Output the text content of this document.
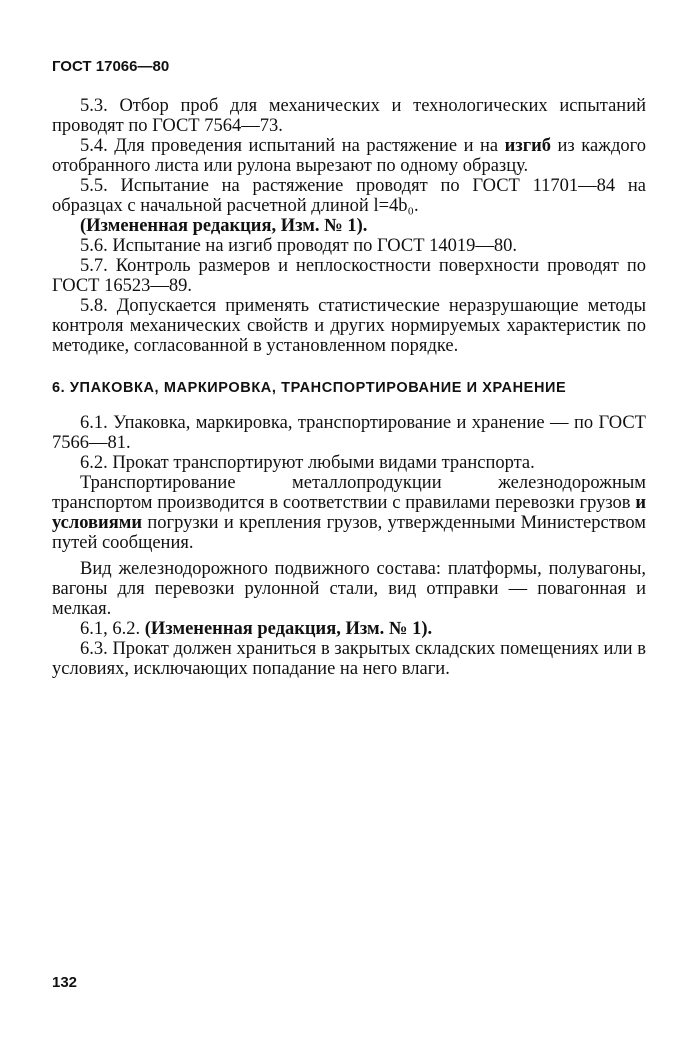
ГОСТ 17066—80

5.3. Отбор проб для механических и технологических испытаний проводят по ГОСТ 7564—73.

5.4. Для проведения испытаний на растяжение и на изгиб из каждого отобранного листа или рулона вырезают по одному образцу.

5.5. Испытание на растяжение проводят по ГОСТ 11701—84 на образцах с начальной расчетной длиной l=4b₀.

(Измененная редакция, Изм. № 1).

5.6. Испытание на изгиб проводят по ГОСТ 14019—80.

5.7. Контроль размеров и неплоскостности поверхности проводят по ГОСТ 16523—89.

5.8. Допускается применять статистические неразрушающие методы контроля механических свойств и других нормируемых характеристик по методике, согласованной в установленном порядке.

6. УПАКОВКА, МАРКИРОВКА, ТРАНСПОРТИРОВАНИЕ И ХРАНЕНИЕ

6.1. Упаковка, маркировка, транспортирование и хранение — по ГОСТ 7566—81.

6.2. Прокат транспортируют любыми видами транспорта.

Транспортирование металлопродукции железнодорожным транспортом производится в соответствии с правилами перевозки грузов и условиями погрузки и крепления грузов, утвержденными Министерством путей сообщения.

Вид железнодорожного подвижного состава: платформы, полувагоны, вагоны для перевозки рулонной стали, вид отправки — повагонная и мелкая.

6.1, 6.2. (Измененная редакция, Изм. № 1).

6.3. Прокат должен храниться в закрытых складских помещениях или в условиях, исключающих попадание на него влаги.

132
